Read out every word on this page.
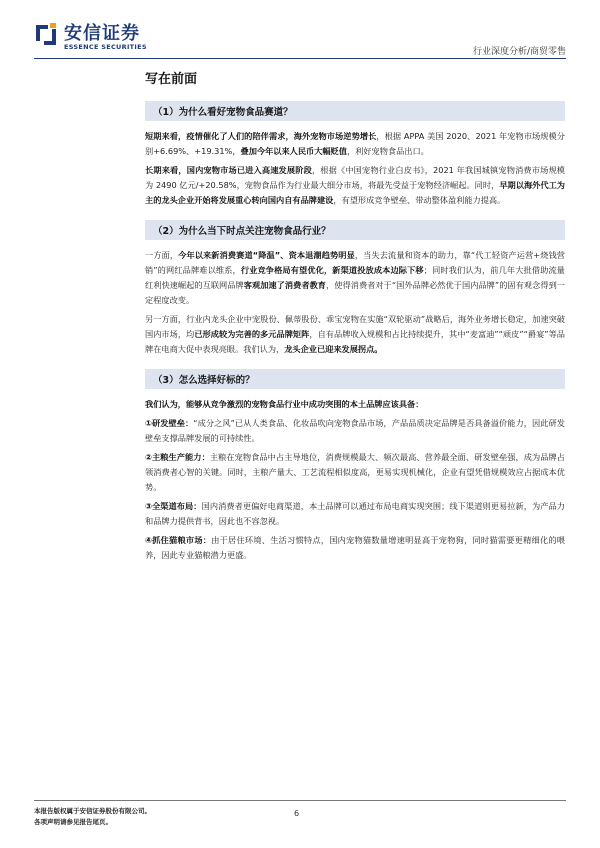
安信证券
ESSENCE SECURITIES	行业深度分析/商贸零售
写在前面
（1）为什么看好宠物食品赛道？

短期来看，疫情催化了人们的陪伴需求，海外宠物市场逆势增长，根据 APPA 美国 2020、2021 年宠物市场规模分别+6.69%、+19.31%，叠加今年以来人民币大幅贬值，利好宠物食品出口。

长期来看，国内宠物市场已进入高速发展阶段，根据《中国宠物行业白皮书》，2021 年我国城镇宠物消费市场规模为 2490 亿元/+20.58%，宠物食品作为行业最大细分市场，将最先受益于宠物经济崛起。同时，早期以海外代工为主的龙头企业开始将发展重心转向国内自有品牌建设，有望形成竞争壁垒、带动整体盈利能力提高。

（2）为什么当下时点关注宠物食品行业？

一方面，今年以来新消费赛道“降温”、资本退潮趋势明显，当失去流量和资本的助力，靠“代工轻资产运营+烧钱营销”的网红品牌难以维系，行业竞争格局有望优化，新渠道投放成本边际下移；同时我们认为，前几年大批借助流量红利快速崛起的互联网品牌客观加速了消费者教育，使得消费者对于“国外品牌必然优于国内品牌”的固有观念得到一定程度改变。

另一方面，行业内龙头企业中宠股份、佩蒂股份、乖宝宠物在实施“双轮驱动”战略后，海外业务增长稳定，加速突破国内市场，均已形成较为完善的多元品牌矩阵，自有品牌收入规模和占比持续提升，其中“麦富迪”“顽皮”“爵宴”等品牌在电商大促中表现亮眼。我们认为，龙头企业已迎来发展拐点。

（3）怎么选择好标的？

我们认为，能够从竞争激烈的宠物食品行业中成功突围的本土品牌应该具备：

①研发壁垒：“成分之风”已从人类食品、化妆品吹向宠物食品市场，产品品质决定品牌是否具备溢价能力，因此研发壁垒支撑品牌发展的可持续性。

②主粮生产能力：主粮在宠物食品中占主导地位，消费规模最大、频次最高、营养最全面、研发壁垒强，成为品牌占领消费者心智的关键。同时，主粮产量大、工艺流程相似度高，更易实现机械化，企业有望凭借规模效应占据成本优势。

③全渠道布局：国内消费者更偏好电商渠道，本土品牌可以通过布局电商实现突围；线下渠道则更易拉新，为产品力和品牌力提供背书，因此也不容忽视。

④抓住猫粮市场：由于居住环境、生活习惯特点，国内宠物猫数量增速明显高于宠物狗，同时猫需要更精细化的喂养，因此专业猫粮潜力更盛。

本报告版权属于安信证券股份有限公司。
各项声明请参见报告尾页。
6
